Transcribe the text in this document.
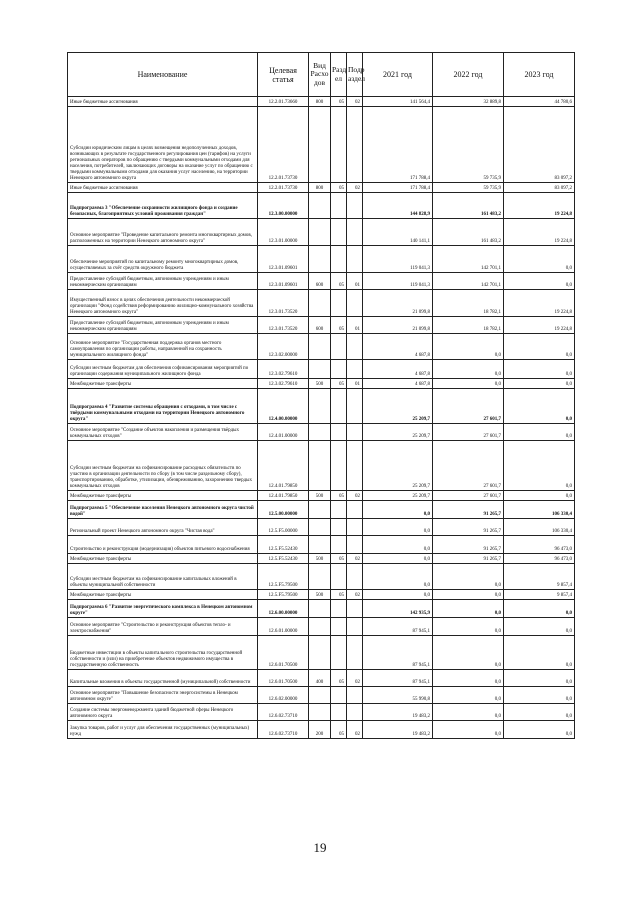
Наименование	Целевая статья	Вид Расхо дов	Разд ел	Подр аздел	2021 год	2022 год	2023 год
Иные бюджетные ассигнования	12.2.01.73660	800	05	02	141 564,4	32 889,8	44 780,6
Субсидии юридическим лицам в целях возмещения недополученных доходов, возникающих в результате государственного регулирования цен (тарифов) на услуги региональных операторов по обращению с твердыми коммунальными отходами для населения, потребителей, заключающих договоры на оказание услуг по обращению с твердыми коммунальными отходами для оказания услуг населению, на территории Ненецкого автономного округа	12.2.01.73730				171 788,4	59 735,9	83 097,2
Иные бюджетные ассигнования	12.2.01.73730	800	05	02	171 788,4	59 735,9	83 097,2
Подпрограмма 3 "Обеспечение сохранности жилищного фонда и создание безопасных, благоприятных условий проживания граждан"	12.3.00.00000				144 828,9	161 483,2	19 224,8
Основное мероприятие "Проведение капитального ремонта многоквартирных домов, расположенных на территории Ненецкого автономного округа"	12.3.01.00000				140 141,1	161 483,2	19 224,8
Обеспечение мероприятий по капитальному ремонту многоквартирных домов, осуществляемых за счёт средств окружного бюджета	12.3.01.09601				119 041,3	142 701,1	0,0
Предоставление субсидий бюджетным, автономным учреждениям и иным некоммерческим организациям	12.3.01.09601	600	05	01	119 041,3	142 701,1	0,0
Имущественный взнос в целях обеспечения деятельности некоммерческой организации "Фонд содействия реформированию жилищно-коммунального хозяйства Ненецкого автономного округа"	12.3.01.73520				21 099,8	18 782,1	19 224,8
Предоставление субсидий бюджетным, автономным учреждениям и иным некоммерческим организациям	12.3.01.73520	600	05	01	21 099,8	18 782,1	19 224,8
Основное мероприятие "Государственная поддержка органов местного самоуправления по организации работы, направленной на сохранность муниципального жилищного фонда"	12.3.02.00000				4 687,8	0,0	0,0
Субсидии местным бюджетам для обеспечения софинансирования мероприятий по организации содержания муниципального жилищного фонда	12.3.02.79610				4 687,8	0,0	0,0
Межбюджетные трансферты	12.3.02.79610	500	05	01	4 687,8	0,0	0,0
Подпрограмма 4 "Развитие системы обращения с отходами, в том числе с твёрдыми коммунальными отходами на территории Ненецкого автономного округа"	12.4.00.00000				25 209,7	27 601,7	0,0
Основное мероприятие "Создание объектов накопления и размещения твёрдых коммунальных отходов"	12.4.01.00000				25 209,7	27 601,7	0,0
Субсидии местным бюджетам на софинансирование расходных обязательств по участию в организации деятельности по сбору (в том числе раздельному сбору), транспортированию, обработке, утилизации, обезвреживанию, захоронению твердых коммунальных отходов	12.4.01.79850				25 209,7	27 601,7	0,0
Межбюджетные трансферты	12.4.01.79850	500	05	02	25 209,7	27 601,7	0,0
Подпрограмма 5 "Обеспечение населения Ненецкого автономного округа чистой водой"	12.5.00.00000				0,0	91 265,7	106 330,4
Региональный проект Ненецкого автономного округа "Чистая вода"	12.5.F5.00000				0,0	91 265,7	106 330,4
Строительство и реконструкция (модернизация) объектов питьевого водоснабжения	12.5.F5.52430				0,0	91 265,7	96 473,0
Межбюджетные трансферты	12.5.F5.52430	500	05	02	0,0	91 265,7	96 473,0
Субсидии местным бюджетам на софинансирование капитальных вложений в объекты муниципальной собственности	12.5.F5.79500				0,0	0,0	9 857,4
Межбюджетные трансферты	12.5.F5.79500	500	05	02	0,0	0,0	9 857,4
Подпрограмма 6 "Развитие энергетического комплекса в Ненецком автономном округе"	12.6.00.00000				142 935,9	0,0	0,0
Основное мероприятие "Строительство и реконструкция объектов тепло- и электроснабжения"	12.6.01.00000				87 945,1	0,0	0,0
Бюджетные инвестиции в объекты капитального строительства государственной собственности и (или) на приобретение объектов недвижимого имущества в государственную собственность	12.6.01.70500				87 945,1	0,0	0,0
Капитальные вложения в объекты государственной (муниципальной) собственности	12.6.01.70500	400	05	02	87 945,1	0,0	0,0
Основное мероприятие "Повышение безопасности энергосистемы в Ненецком автономном округе"	12.6.02.00000				55 990,8	0,0	0,0
Создание системы энергоменеджмента зданий бюджетной сферы Ненецкого автономного округа	12.6.02.73710				19 483,2	0,0	0,0
Закупка товаров, работ и услуг для обеспечения государственных (муниципальных) нужд	12.6.02.73710	200	05	02	19 483,2	0,0	0,0
19
